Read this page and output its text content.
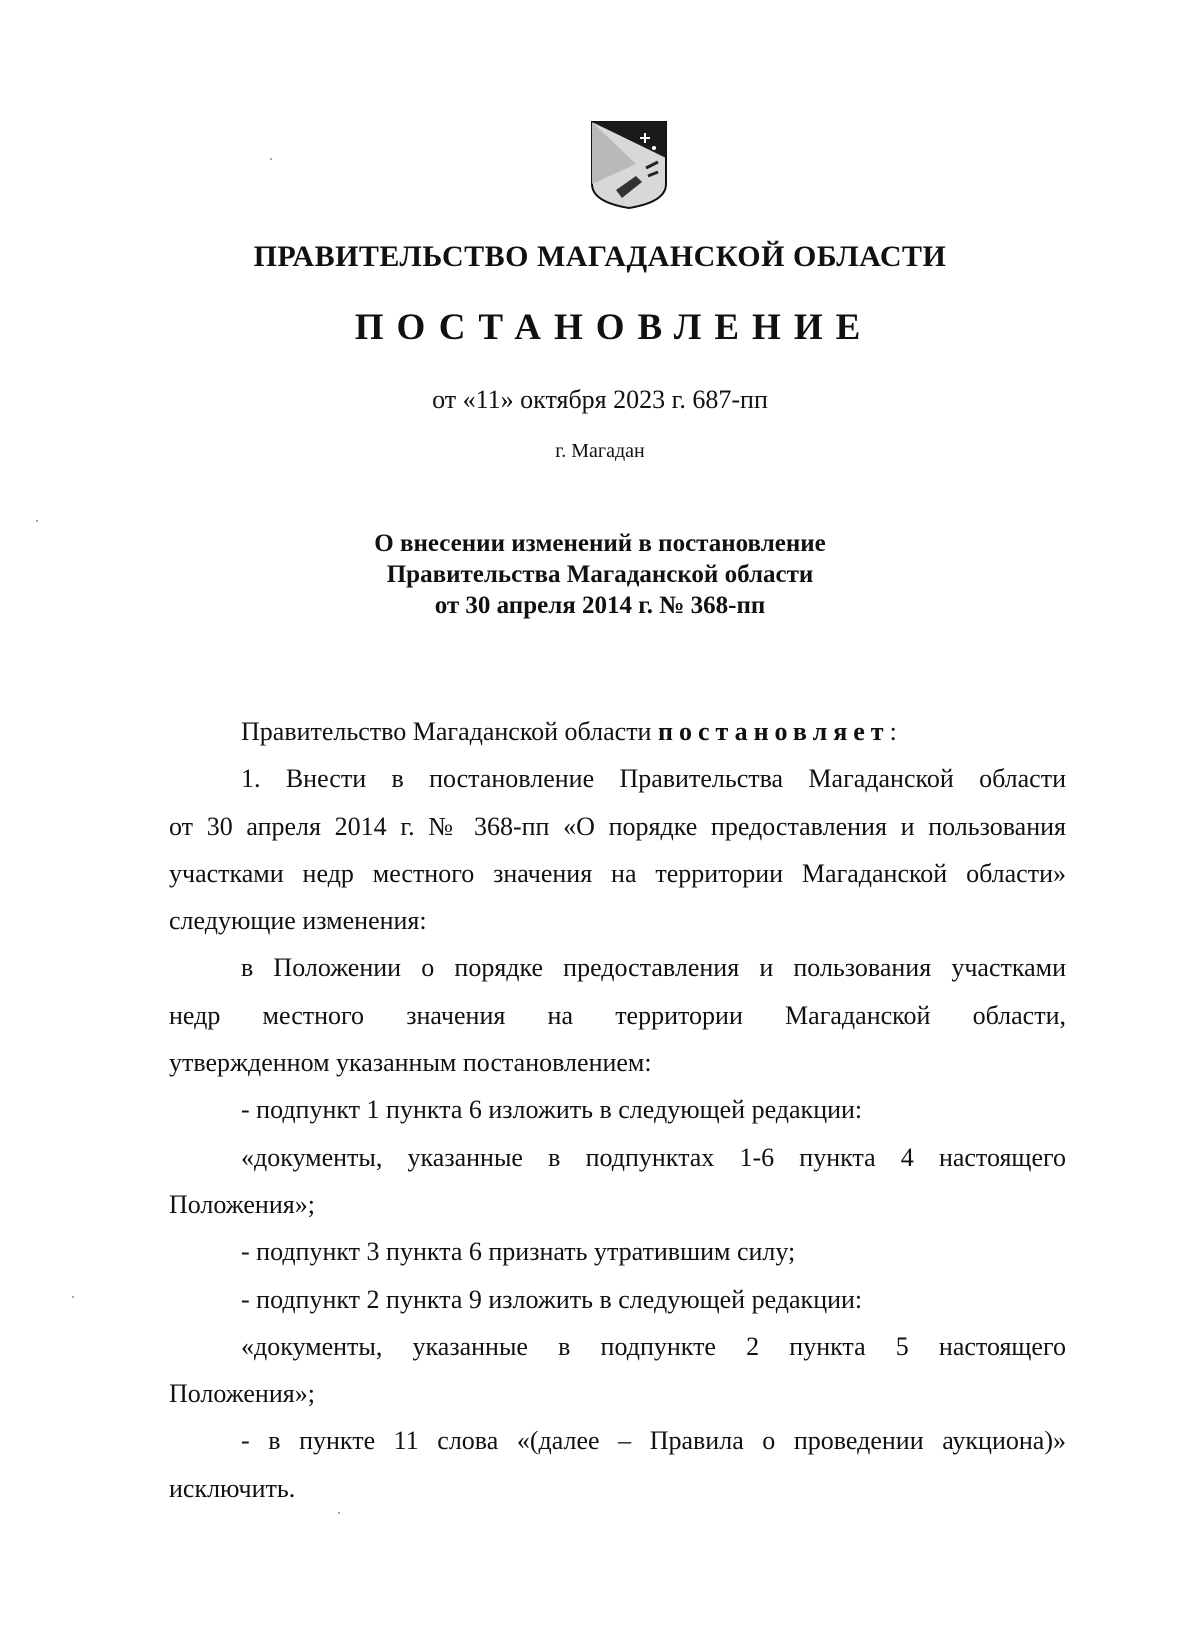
ПРАВИТЕЛЬСТВО МАГАДАНСКОЙ ОБЛАСТИ
ПОСТАНОВЛЕНИЕ
от «11» октября 2023 г. 687-пп
г. Магадан
О внесении изменений в постановление
Правительства Магаданской области
от 30 апреля 2014 г. № 368-пп

Правительство Магаданской области постановляет:

1. Внести в постановление Правительства Магаданской области

от 30 апреля 2014 г. № 368-пп «О порядке предоставления и пользования

участками недр местного значения на территории Магаданской области»

следующие изменения:

в Положении о порядке предоставления и пользования участками

недр местного значения на территории Магаданской области,

утвержденном указанным постановлением:

- подпункт 1 пункта 6 изложить в следующей редакции:

«документы, указанные в подпунктах 1-6 пункта 4 настоящего

Положения»;

- подпункт 3 пункта 6 признать утратившим силу;

- подпункт 2 пункта 9 изложить в следующей редакции:

«документы, указанные в подпункте 2 пункта 5 настоящего

Положения»;

- в пункте 11 слова «(далее – Правила о проведении аукциона)»

исключить.
